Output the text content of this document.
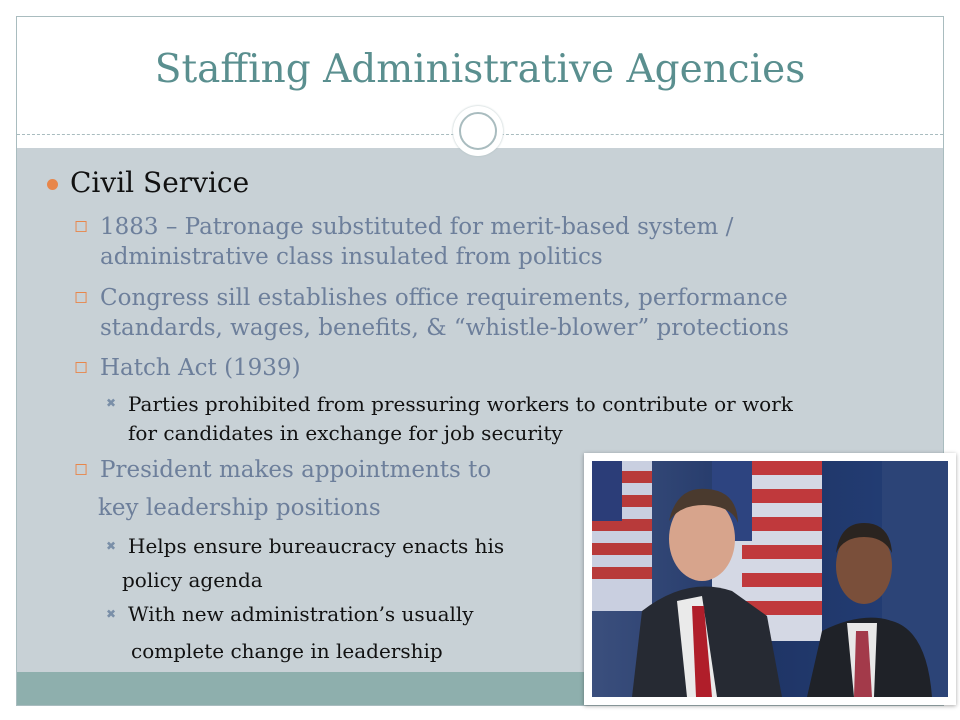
Staffing Administrative Agencies
Civil Service
◻ 1883 – Patronage substituted for merit-based system /
administrative class insulated from politics
◻ Congress sill establishes office requirements, performance
standards, wages, benefits, & “whistle-blower” protections
◻ Hatch Act (1939)
✖ Parties prohibited from pressuring workers to contribute or work
for candidates in exchange for job security
◻ President makes appointments to
key leadership positions
✖ Helps ensure bureaucracy enacts his
policy agenda
✖ With new administration’s usually
complete change in leadership
